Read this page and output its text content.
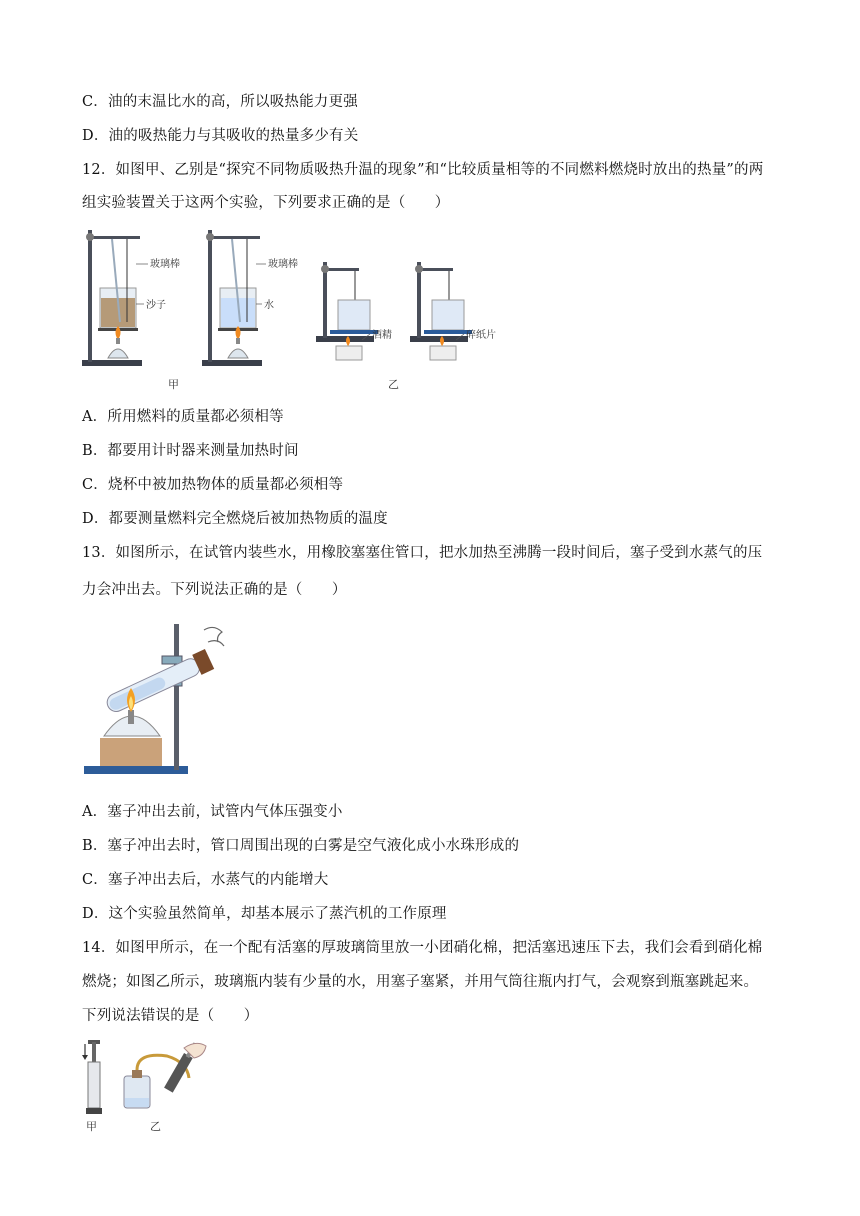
C．油的末温比水的高，所以吸热能力更强
D．油的吸热能力与其吸收的热量多少有关
12．如图甲、乙别是“探究不同物质吸热升温的现象”和“比较质量相等的不同燃料燃烧时放出的热量”的两
组实验装置关于这两个实验，下列要求正确的是（　　）
玻璃棒
沙子
玻璃棒
水
酒精	碎纸片
甲	乙
A．所用燃料的质量都必须相等
B．都要用计时器来测量加热时间
C．烧杯中被加热物体的质量都必须相等
D．都要测量燃料完全燃烧后被加热物质的温度
13．如图所示，在试管内装些水，用橡胶塞塞住管口，把水加热至沸腾一段时间后，塞子受到水蒸气的压
力会冲出去。下列说法正确的是（　　）
A．塞子冲出去前，试管内气体压强变小
B．塞子冲出去时，管口周围出现的白雾是空气液化成小水珠形成的
C．塞子冲出去后，水蒸气的内能增大
D．这个实验虽然简单，却基本展示了蒸汽机的工作原理
14．如图甲所示，在一个配有活塞的厚玻璃筒里放一小团硝化棉，把活塞迅速压下去，我们会看到硝化棉
燃烧；如图乙所示，玻璃瓶内装有少量的水，用塞子塞紧，并用气筒往瓶内打气，会观察到瓶塞跳起来。
下列说法错误的是（　　）
甲	乙
